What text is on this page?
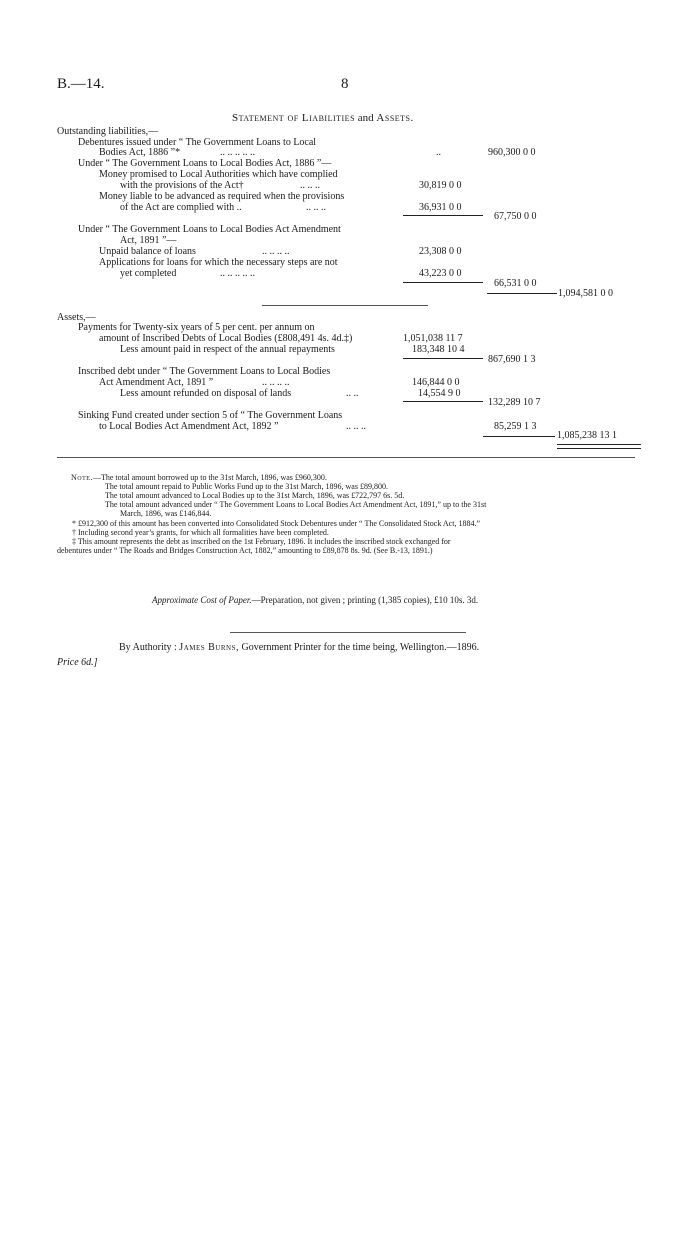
B.—14.	8
Statement of Liabilities and Assets.
Outstanding liabilities,—
Debentures issued under “ The Government Loans to Local
Bodies Act, 1886 ”*	.. .. .. .. ..	..	960,300 0 0
Under “ The Government Loans to Local Bodies Act, 1886 ”—
Money promised to Local Authorities which have complied
with the provisions of the Act†	.. .. ..	30,819 0 0
Money liable to be advanced as required when the provisions
of the Act are complied with ..	.. .. ..	36,931 0 0
67,750 0 0
Under “ The Government Loans to Local Bodies Act Amendment
Act, 1891 ”—
Unpaid balance of loans	.. .. .. ..	23,308 0 0
Applications for loans for which the necessary steps are not
yet completed	.. .. .. .. ..	43,223 0 0
66,531 0 0
1,094,581 0 0
Assets,—
Payments for Twenty-six years of 5 per cent. per annum on
amount of Inscribed Debts of Local Bodies (£808,491 4s. 4d.‡)	1,051,038 11 7
Less amount paid in respect of the annual repayments	183,348 10 4
867,690 1 3
Inscribed debt under “ The Government Loans to Local Bodies
Act Amendment Act, 1891 ”	.. .. .. ..	146,844 0 0
Less amount refunded on disposal of lands	.. ..	14,554 9 0
132,289 10 7
Sinking Fund created under section 5 of “ The Government Loans
to Local Bodies Act Amendment Act, 1892 ”	.. .. ..	85,259 1 3
1,085,238 13 1
Note.—The total amount borrowed up to the 31st March, 1896, was £960,300.
The total amount repaid to Public Works Fund up to the 31st March, 1896, was £89,800.
The total amount advanced to Local Bodies up to the 31st March, 1896, was £722,797 6s. 5d.
The total amount advanced under “ The Government Loans to Local Bodies Act Amendment Act, 1891,” up to the 31st
March, 1896, was £146,844.
* £912,300 of this amount has been converted into Consolidated Stock Debentures under “ The Consolidated Stock Act, 1884.”
† Including second year’s grants, for which all formalities have been completed.
‡ This amount represents the debt as inscribed on the 1st February, 1896. It includes the inscribed stock exchanged for
debentures under “ The Roads and Bridges Construction Act, 1882,” amounting to £89,878 8s. 9d. (See B.-13, 1891.)
Approximate Cost of Paper.—Preparation, not given ; printing (1,385 copies), £10 10s. 3d.
By Authority : James Burns, Government Printer for the time being, Wellington.—1896.
Price 6d.]
